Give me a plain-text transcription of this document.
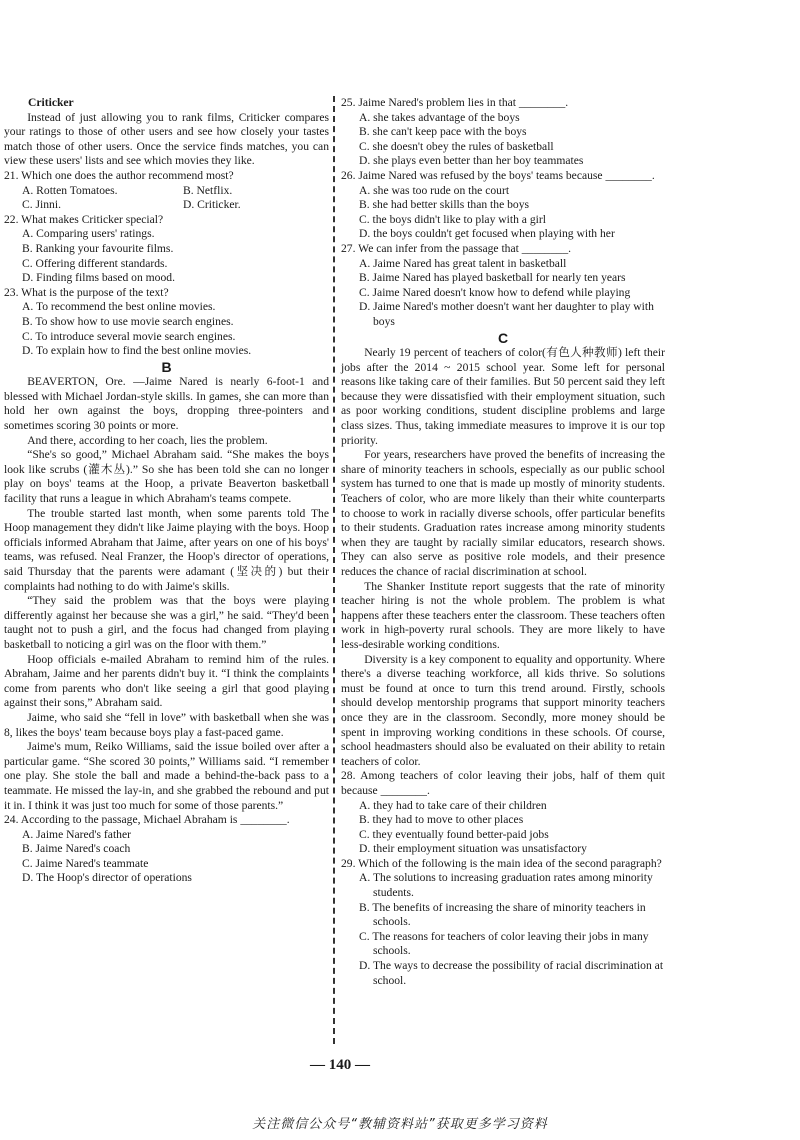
Criticker

Instead of just allowing you to rank films, Criticker compares your ratings to those of other users and see how closely your tastes match those of other users. Once the service finds matches, you can view these users' lists and see which movies they like.

21. Which one does the author recommend most?

A. Rotten Tomatoes.	B. Netflix.
C. Jinni.	D. Criticker.

22. What makes Criticker special?

A. Comparing users' ratings.

B. Ranking your favourite films.

C. Offering different standards.

D. Finding films based on mood.

23. What is the purpose of the text?

A. To recommend the best online movies.

B. To show how to use movie search engines.

C. To introduce several movie search engines.

D. To explain how to find the best online movies.

B

BEAVERTON, Ore. —Jaime Nared is nearly 6-foot-1 and blessed with Michael Jordan-style skills. In games, she can more than hold her own against the boys, dropping three-pointers and sometimes scoring 30 points or more.

And there, according to her coach, lies the problem.

“She's so good,” Michael Abraham said. “She makes the boys look like scrubs (灌木丛).” So she has been told she can no longer play on boys' teams at the Hoop, a private Beaverton basketball facility that runs a league in which Abraham's teams compete.

The trouble started last month, when some parents told The Hoop management they didn't like Jaime playing with the boys. Hoop officials informed Abraham that Jaime, after years on one of his boys' teams, was refused. Neal Franzer, the Hoop's director of operations, said Thursday that the parents were adamant (坚决的) but their complaints had nothing to do with Jaime's skills.

“They said the problem was that the boys were playing differently against her because she was a girl,” he said. “They'd been taught not to push a girl, and the focus had changed from playing basketball to noticing a girl was on the floor with them.”

Hoop officials e-mailed Abraham to remind him of the rules. Abraham, Jaime and her parents didn't buy it. “I think the complaints come from parents who don't like seeing a girl that good playing against their sons,” Abraham said.

Jaime, who said she “fell in love” with basketball when she was 8, likes the boys' team because boys play a fast-paced game.

Jaime's mum, Reiko Williams, said the issue boiled over after a particular game. “She scored 30 points,” Williams said. “I remember one play. She stole the ball and made a behind-the-back pass to a teammate. He missed the lay-in, and she grabbed the rebound and put it in. I think it was just too much for some of those parents.”

24. According to the passage, Michael Abraham is ________.

A. Jaime Nared's father

B. Jaime Nared's coach

C. Jaime Nared's teammate

D. The Hoop's director of operations

25. Jaime Nared's problem lies in that ________.

A. she takes advantage of the boys

B. she can't keep pace with the boys

C. she doesn't obey the rules of basketball

D. she plays even better than her boy teammates

26. Jaime Nared was refused by the boys' teams because ________.

A. she was too rude on the court

B. she had better skills than the boys

C. the boys didn't like to play with a girl

D. the boys couldn't get focused when playing with her

27. We can infer from the passage that ________.

A. Jaime Nared has great talent in basketball

B. Jaime Nared has played basketball for nearly ten years

C. Jaime Nared doesn't know how to defend while playing

D. Jaime Nared's mother doesn't want her daughter to play with boys

C

Nearly 19 percent of teachers of color(有色人种教师) left their jobs after the 2014 ~ 2015 school year. Some left for personal reasons like taking care of their families. But 50 percent said they left because they were dissatisfied with their employment situation, such as poor working conditions, student discipline problems and large class sizes. Thus, taking immediate measures to improve it is our top priority.

For years, researchers have proved the benefits of increasing the share of minority teachers in schools, especially as our public school system has turned to one that is made up mostly of minority students. Teachers of color, who are more likely than their white counterparts to choose to work in racially diverse schools, offer particular benefits to their students. Graduation rates increase among minority students when they are taught by racially similar educators, research shows. They can also serve as positive role models, and their presence reduces the chance of racial discrimination at school.

The Shanker Institute report suggests that the rate of minority teacher hiring is not the whole problem. The problem is what happens after these teachers enter the classroom. These teachers often work in high-poverty rural schools. They are more likely to have less-desirable working conditions.

Diversity is a key component to equality and opportunity. Where there's a diverse teaching workforce, all kids thrive. So solutions must be found at once to turn this trend around. Firstly, schools should develop mentorship programs that support minority teachers once they are in the classroom. Secondly, more money should be spent in improving working conditions in these schools. Of course, school headmasters should also be evaluated on their ability to retain teachers of color.

28. Among teachers of color leaving their jobs, half of them quit because ________.

A. they had to take care of their children

B. they had to move to other places

C. they eventually found better-paid jobs

D. their employment situation was unsatisfactory

29. Which of the following is the main idea of the second paragraph?

A. The solutions to increasing graduation rates among minority students.

B. The benefits of increasing the share of minority teachers in schools.

C. The reasons for teachers of color leaving their jobs in many schools.

D. The ways to decrease the possibility of racial discrimination at school.

— 140 —
关注微信公众号“教辅资料站”获取更多学习资料
